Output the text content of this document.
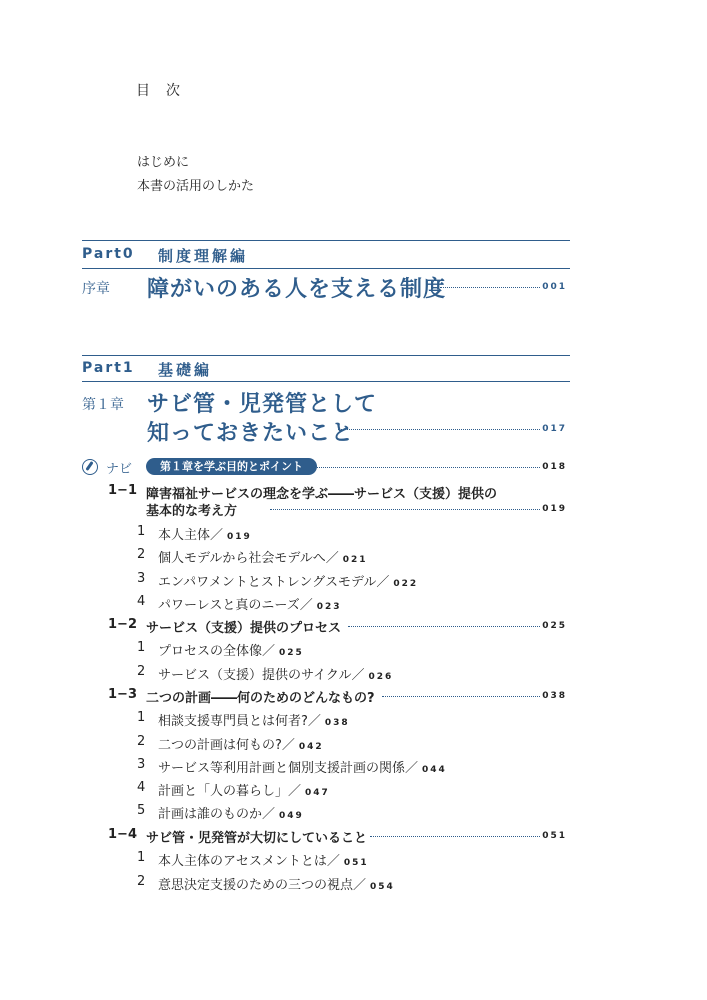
目　次
はじめに
本書の活用のしかた
Part0 制度理解編
序章 障がいのある人を支える制度	001
Part1 基礎編
第１章 サビ管・児発管として
知っておきたいこと	017
ナビ	第１章を学ぶ目的とポイント	018
1−1 障害福祉サービスの理念を学ぶ――サービス（支援）提供の
基本的な考え方	019
1 本人主体／ 019
2 個人モデルから社会モデルへ／ 021
3 エンパワメントとストレングスモデル／ 022
4 パワーレスと真のニーズ／ 023
1−2 サービス（支援）提供のプロセス	025
1 プロセスの全体像／ 025
2 サービス（支援）提供のサイクル／ 026
1−3 二つの計画――何のためのどんなもの?	038
1 相談支援専門員とは何者?／ 038
2 二つの計画は何もの?／ 042
3 サービス等利用計画と個別支援計画の関係／ 044
4 計画と「人の暮らし」／ 047
5 計画は誰のものか／ 049
1−4 サビ管・児発管が大切にしていること	051
1 本人主体のアセスメントとは／ 051
2 意思決定支援のための三つの視点／ 054
